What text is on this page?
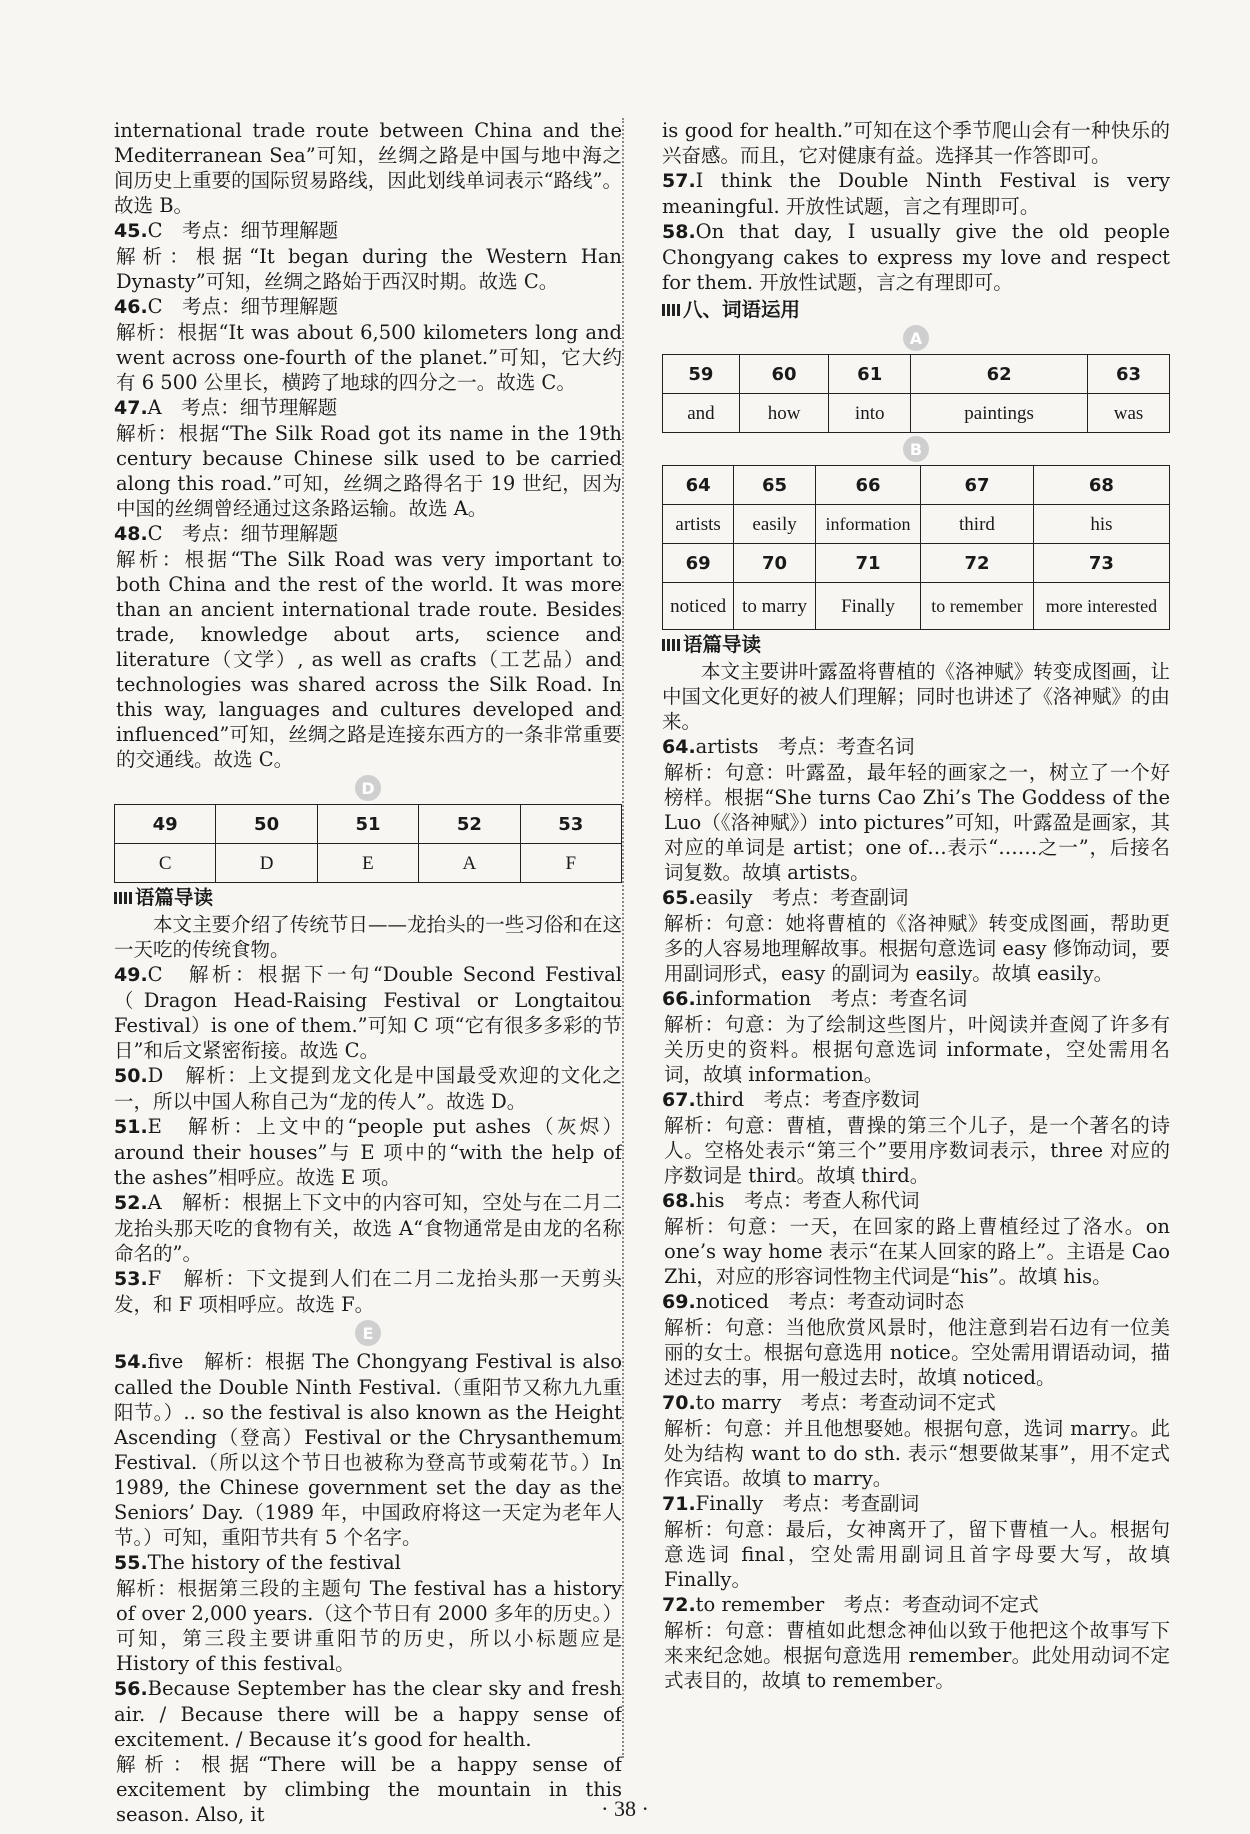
international trade route between China and the Mediterranean Sea”可知，丝绸之路是中国与地中海之间历史上重要的国际贸易路线，因此划线单词表示“路线”。故选 B。

45.C　考点：细节理解题

解析：根据“It began during the Western Han Dynasty”可知，丝绸之路始于西汉时期。故选 C。

46.C　考点：细节理解题

解析：根据“It was about 6,500 kilometers long and went across one-fourth of the planet.”可知，它大约有 6 500 公里长，横跨了地球的四分之一。故选 C。

47.A　考点：细节理解题

解析：根据“The Silk Road got its name in the 19th century because Chinese silk used to be carried along this road.”可知，丝绸之路得名于 19 世纪，因为中国的丝绸曾经通过这条路运输。故选 A。

48.C　考点：细节理解题

解析：根据“The Silk Road was very important to both China and the rest of the world. It was more than an ancient international trade route. Besides trade, knowledge about arts, science and literature（文学）, as well as crafts（工艺品）and technologies was shared across the Silk Road. In this way, languages and cultures developed and influenced”可知，丝绸之路是连接东西方的一条非常重要的交通线。故选 C。

D
49	50	51	52	53
C	D	E	A	F
语篇导读

本文主要介绍了传统节日——龙抬头的一些习俗和在这一天吃的传统食物。

49.C　解析：根据下一句“Double Second Festival（Dragon Head-Raising Festival or Longtaitou Festival）is one of them.”可知 C 项“它有很多多彩的节日”和后文紧密衔接。故选 C。

50.D　解析：上文提到龙文化是中国最受欢迎的文化之一，所以中国人称自己为“龙的传人”。故选 D。

51.E　解析：上文中的“people put ashes（灰烬）around their houses”与 E 项中的“with the help of the ashes”相呼应。故选 E 项。

52.A　解析：根据上下文中的内容可知，空处与在二月二龙抬头那天吃的食物有关，故选 A“食物通常是由龙的名称命名的”。

53.F　解析：下文提到人们在二月二龙抬头那一天剪头发，和 F 项相呼应。故选 F。

E

54.five　解析：根据 The Chongyang Festival is also called the Double Ninth Festival.（重阳节又称九九重阳节。）.. so the festival is also known as the Height Ascending（登高）Festival or the Chrysanthemum Festival.（所以这个节日也被称为登高节或菊花节。）In 1989, the Chinese government set the day as the Seniors’ Day.（1989 年，中国政府将这一天定为老年人节。）可知，重阳节共有 5 个名字。

55.The history of the festival

解析：根据第三段的主题句 The festival has a history of over 2,000 years.（这个节日有 2000 多年的历史。）可知，第三段主要讲重阳节的历史，所以小标题应是 History of this festival。

56.Because September has the clear sky and fresh air. / Because there will be a happy sense of excitement. / Because it’s good for health.

解析：根据“There will be a happy sense of excitement by climbing the mountain in this season. Also, it

is good for health.”可知在这个季节爬山会有一种快乐的兴奋感。而且，它对健康有益。选择其一作答即可。

57.I think the Double Ninth Festival is very meaningful. 开放性试题，言之有理即可。

58.On that day, I usually give the old people Chongyang cakes to express my love and respect for them. 开放性试题，言之有理即可。

八、词语运用
A
59	60	61	62	63
and	how	into	paintings	was
B
64	65	66	67	68
artists	easily	information	third	his
69	70	71	72	73
noticed	to marry	Finally	to remember	more interested
语篇导读

本文主要讲叶露盈将曹植的《洛神赋》转变成图画，让中国文化更好的被人们理解；同时也讲述了《洛神赋》的由来。

64.artists　考点：考查名词

解析：句意：叶露盈，最年轻的画家之一，树立了一个好榜样。根据“She turns Cao Zhi’s The Goddess of the Luo（《洛神赋》）into pictures”可知，叶露盈是画家，其对应的单词是 artist；one of…表示“……之一”，后接名词复数。故填 artists。

65.easily　考点：考查副词

解析：句意：她将曹植的《洛神赋》转变成图画，帮助更多的人容易地理解故事。根据句意选词 easy 修饰动词，要用副词形式，easy 的副词为 easily。故填 easily。

66.information　考点：考查名词

解析：句意：为了绘制这些图片，叶阅读并查阅了许多有关历史的资料。根据句意选词 informate，空处需用名词，故填 information。

67.third　考点：考查序数词

解析：句意：曹植，曹操的第三个儿子，是一个著名的诗人。空格处表示“第三个”要用序数词表示，three 对应的序数词是 third。故填 third。

68.his　考点：考查人称代词

解析：句意：一天，在回家的路上曹植经过了洛水。on one’s way home 表示“在某人回家的路上”。主语是 Cao Zhi，对应的形容词性物主代词是“his”。故填 his。

69.noticed　考点：考查动词时态

解析：句意：当他欣赏风景时，他注意到岩石边有一位美丽的女士。根据句意选用 notice。空处需用谓语动词，描述过去的事，用一般过去时，故填 noticed。

70.to marry　考点：考查动词不定式

解析：句意：并且他想娶她。根据句意，选词 marry。此处为结构 want to do sth. 表示“想要做某事”，用不定式作宾语。故填 to marry。

71.Finally　考点：考查副词

解析：句意：最后，女神离开了，留下曹植一人。根据句意选词 final，空处需用副词且首字母要大写，故填 Finally。

72.to remember　考点：考查动词不定式

解析：句意：曹植如此想念神仙以致于他把这个故事写下来来纪念她。根据句意选用 remember。此处用动词不定式表目的，故填 to remember。

· 38 ·
